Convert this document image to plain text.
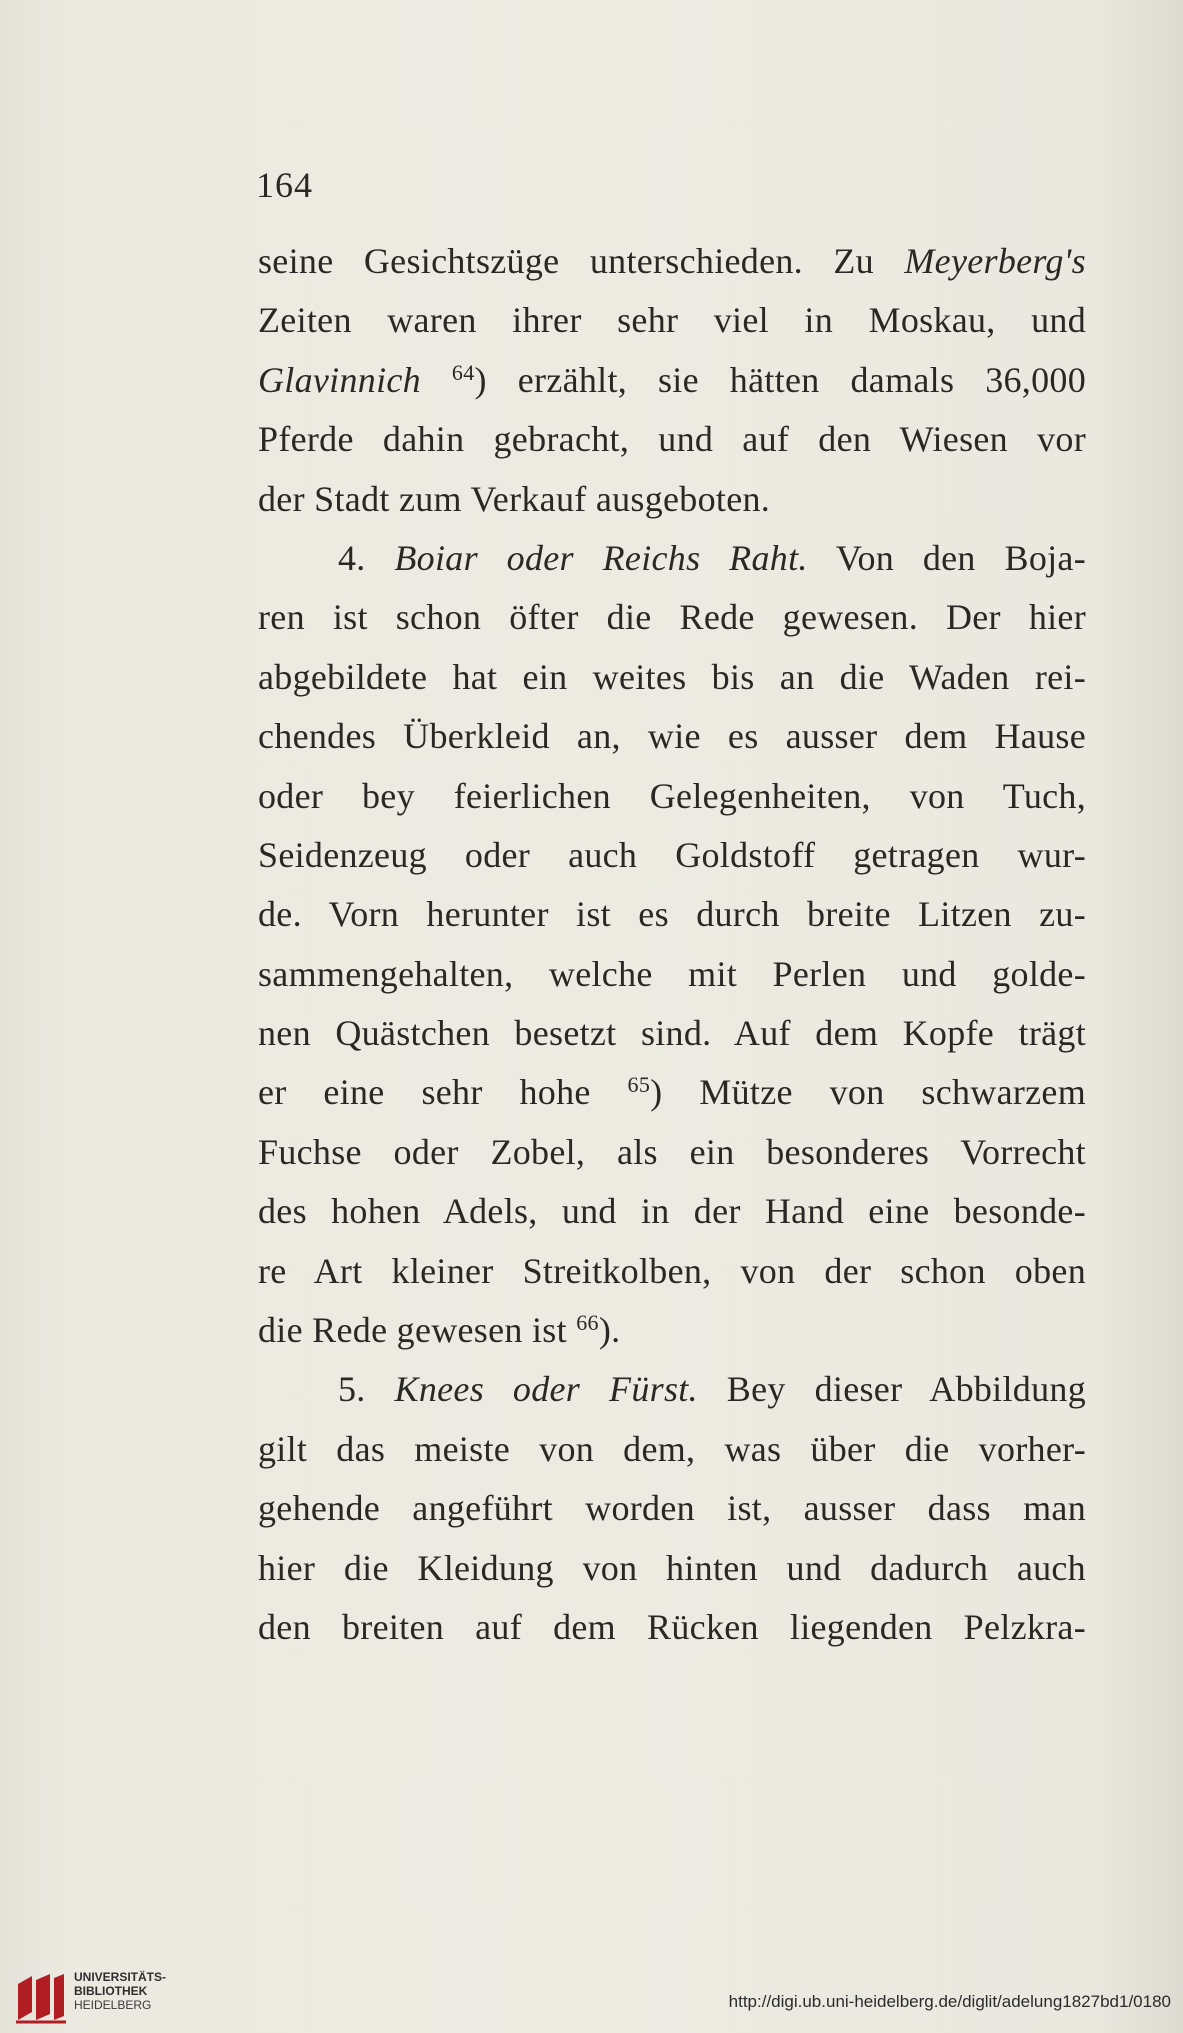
164
seine Gesichtszüge unterschieden. Zu Meyerberg's
Zeiten waren ihrer sehr viel in Moskau, und
Glavinnich $^{64}$) erzählt, sie hätten damals 36,000
Pferde dahin gebracht, und auf den Wiesen vor
der Stadt zum Verkauf ausgeboten.
4. Boiar oder Reichs Raht. Von den Boja-
ren ist schon öfter die Rede gewesen. Der hier
abgebildete hat ein weites bis an die Waden rei-
chendes Überkleid an, wie es ausser dem Hause
oder bey feierlichen Gelegenheiten, von Tuch,
Seidenzeug oder auch Goldstoff getragen wur-
de. Vorn herunter ist es durch breite Litzen zu-
sammengehalten, welche mit Perlen und golde-
nen Quästchen besetzt sind. Auf dem Kopfe trägt
er eine sehr hohe $^{65}$) Mütze von schwarzem
Fuchse oder Zobel, als ein besonderes Vorrecht
des hohen Adels, und in der Hand eine besonde-
re Art kleiner Streitkolben, von der schon oben
die Rede gewesen ist $^{66}$).
5. Knees oder Fürst. Bey dieser Abbildung
gilt das meiste von dem, was über die vorher-
gehende angeführt worden ist, ausser dass man
hier die Kleidung von hinten und dadurch auch
den breiten auf dem Rücken liegenden Pelzkra-
UNIVERSITÄTS-
BIBLIOTHEK
HEIDELBERG	http://digi.ub.uni-heidelberg.de/diglit/adelung1827bd1/0180
